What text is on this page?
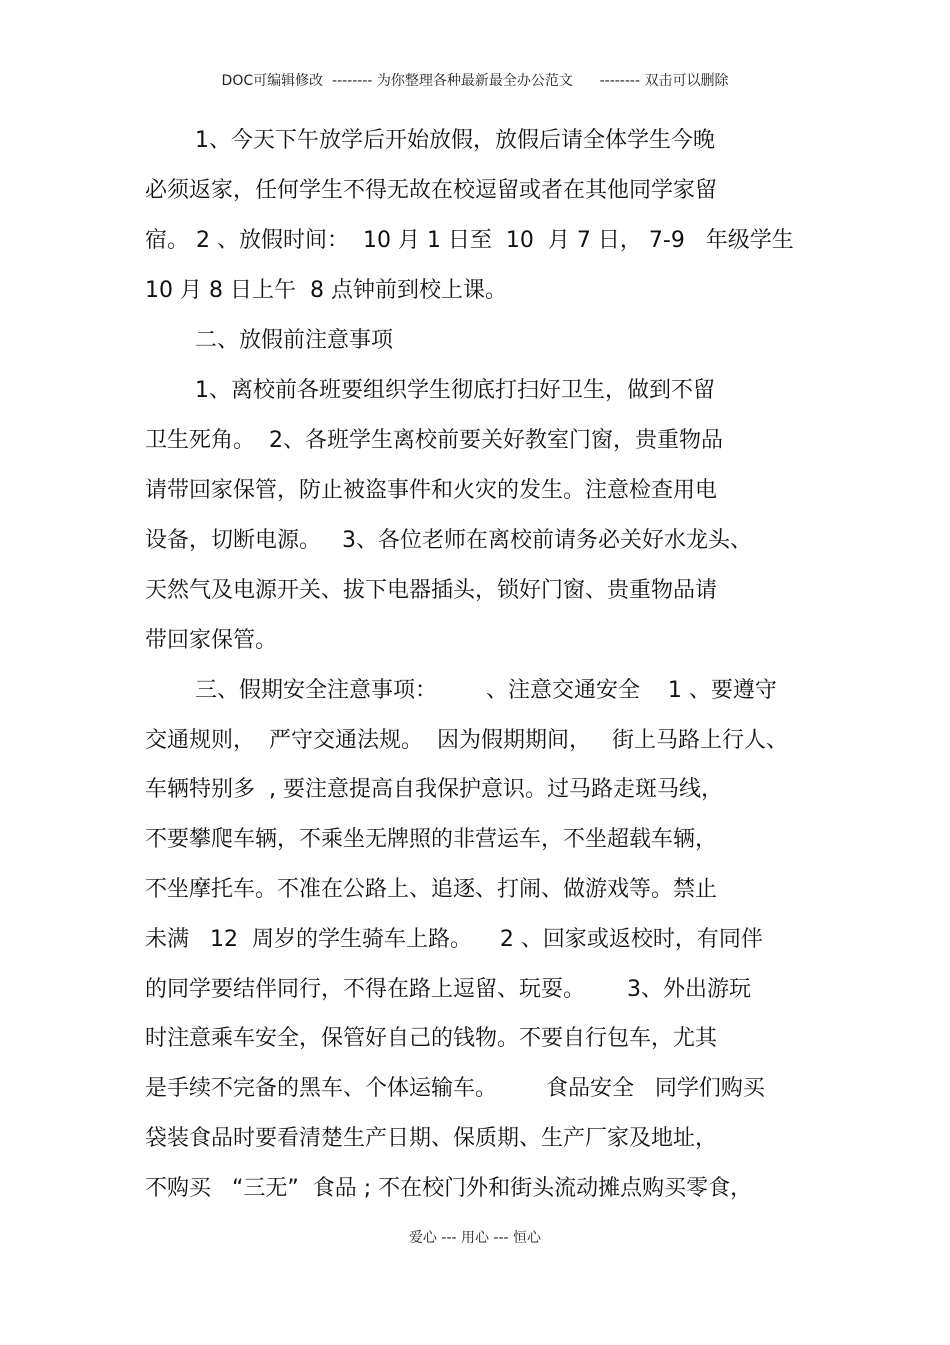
DOC可编辑修改  -------- 为你整理各种最新最全办公范文      -------- 双击可以删除
1、今天下午放学后开始放假，放假后请全体学生今晚
必须返家，任何学生不得无故在校逗留或者在其他同学家留
宿。 2 、放假时间：  10 月 1 日至  10  月 7 日， 7-9   年级学生
10 月 8 日上午  8 点钟前到校上课。
二、放假前注意事项
1、离校前各班要组织学生彻底打扫好卫生，做到不留
卫生死角。  2、各班学生离校前要关好教室门窗，贵重物品
请带回家保管，防止被盗事件和火灾的发生。注意检查用电
设备，切断电源。   3、各位老师在离校前请务必关好水龙头、
天然气及电源开关、拔下电器插头，锁好门窗、贵重物品请
带回家保管。
三、假期安全注意事项：       、注意交通安全    1 、要遵守
交通规则，  严守交通法规。  因为假期期间，   街上马路上行人、
车辆特别多  , 要注意提高自我保护意识。过马路走斑马线，
不要攀爬车辆，不乘坐无牌照的非营运车，不坐超载车辆，
不坐摩托车。不准在公路上、追逐、打闹、做游戏等。禁止
未满   12  周岁的学生骑车上路。    2 、回家或返校时，有同伴
的同学要结伴同行，不得在路上逗留、玩耍。      3、外出游玩
时注意乘车安全，保管好自己的钱物。不要自行包车，尤其
是手续不完备的黑车、个体运输车。       食品安全   同学们购买
袋装食品时要看清楚生产日期、保质期、生产厂家及地址，
不购买   “三无”  食品 ; 不在校门外和街头流动摊点购买零食，
爱心 --- 用心 --- 恒心
